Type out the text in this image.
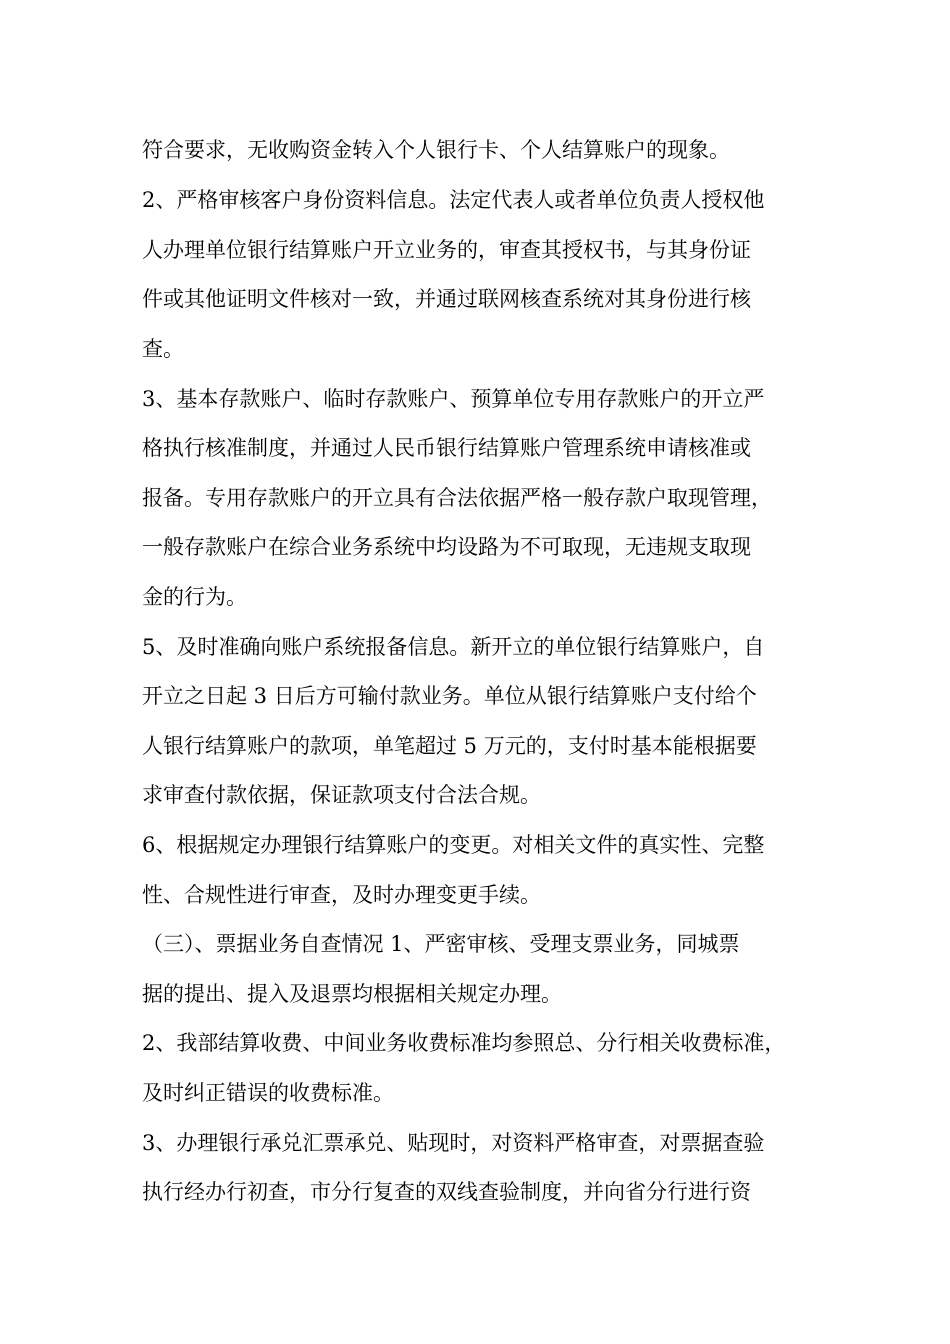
符合要求，无收购资金转入个人银行卡、个人结算账户的现象。
2、严格审核客户身份资料信息。法定代表人或者单位负责人授权他
人办理单位银行结算账户开立业务的，审查其授权书，与其身份证
件或其他证明文件核对一致，并通过联网核查系统对其身份进行核
查。
3、基本存款账户、临时存款账户、预算单位专用存款账户的开立严
格执行核准制度，并通过人民币银行结算账户管理系统申请核准或
报备。专用存款账户的开立具有合法依据严格一般存款户取现管理，
一般存款账户在综合业务系统中均设路为不可取现，无违规支取现
金的行为。
5、及时准确向账户系统报备信息。新开立的单位银行结算账户，自
开立之日起 3 日后方可输付款业务。单位从银行结算账户支付给个
人银行结算账户的款项，单笔超过 5 万元的，支付时基本能根据要
求审查付款依据，保证款项支付合法合规。
6、根据规定办理银行结算账户的变更。对相关文件的真实性、完整
性、合规性进行审查，及时办理变更手续。
（三）、票据业务自查情况 1、严密审核、受理支票业务，同城票
据的提出、提入及退票均根据相关规定办理。
2、我部结算收费、中间业务收费标准均参照总、分行相关收费标准，
及时纠正错误的收费标准。
3、办理银行承兑汇票承兑、贴现时，对资料严格审查，对票据查验
执行经办行初查，市分行复查的双线查验制度，并向省分行进行资
